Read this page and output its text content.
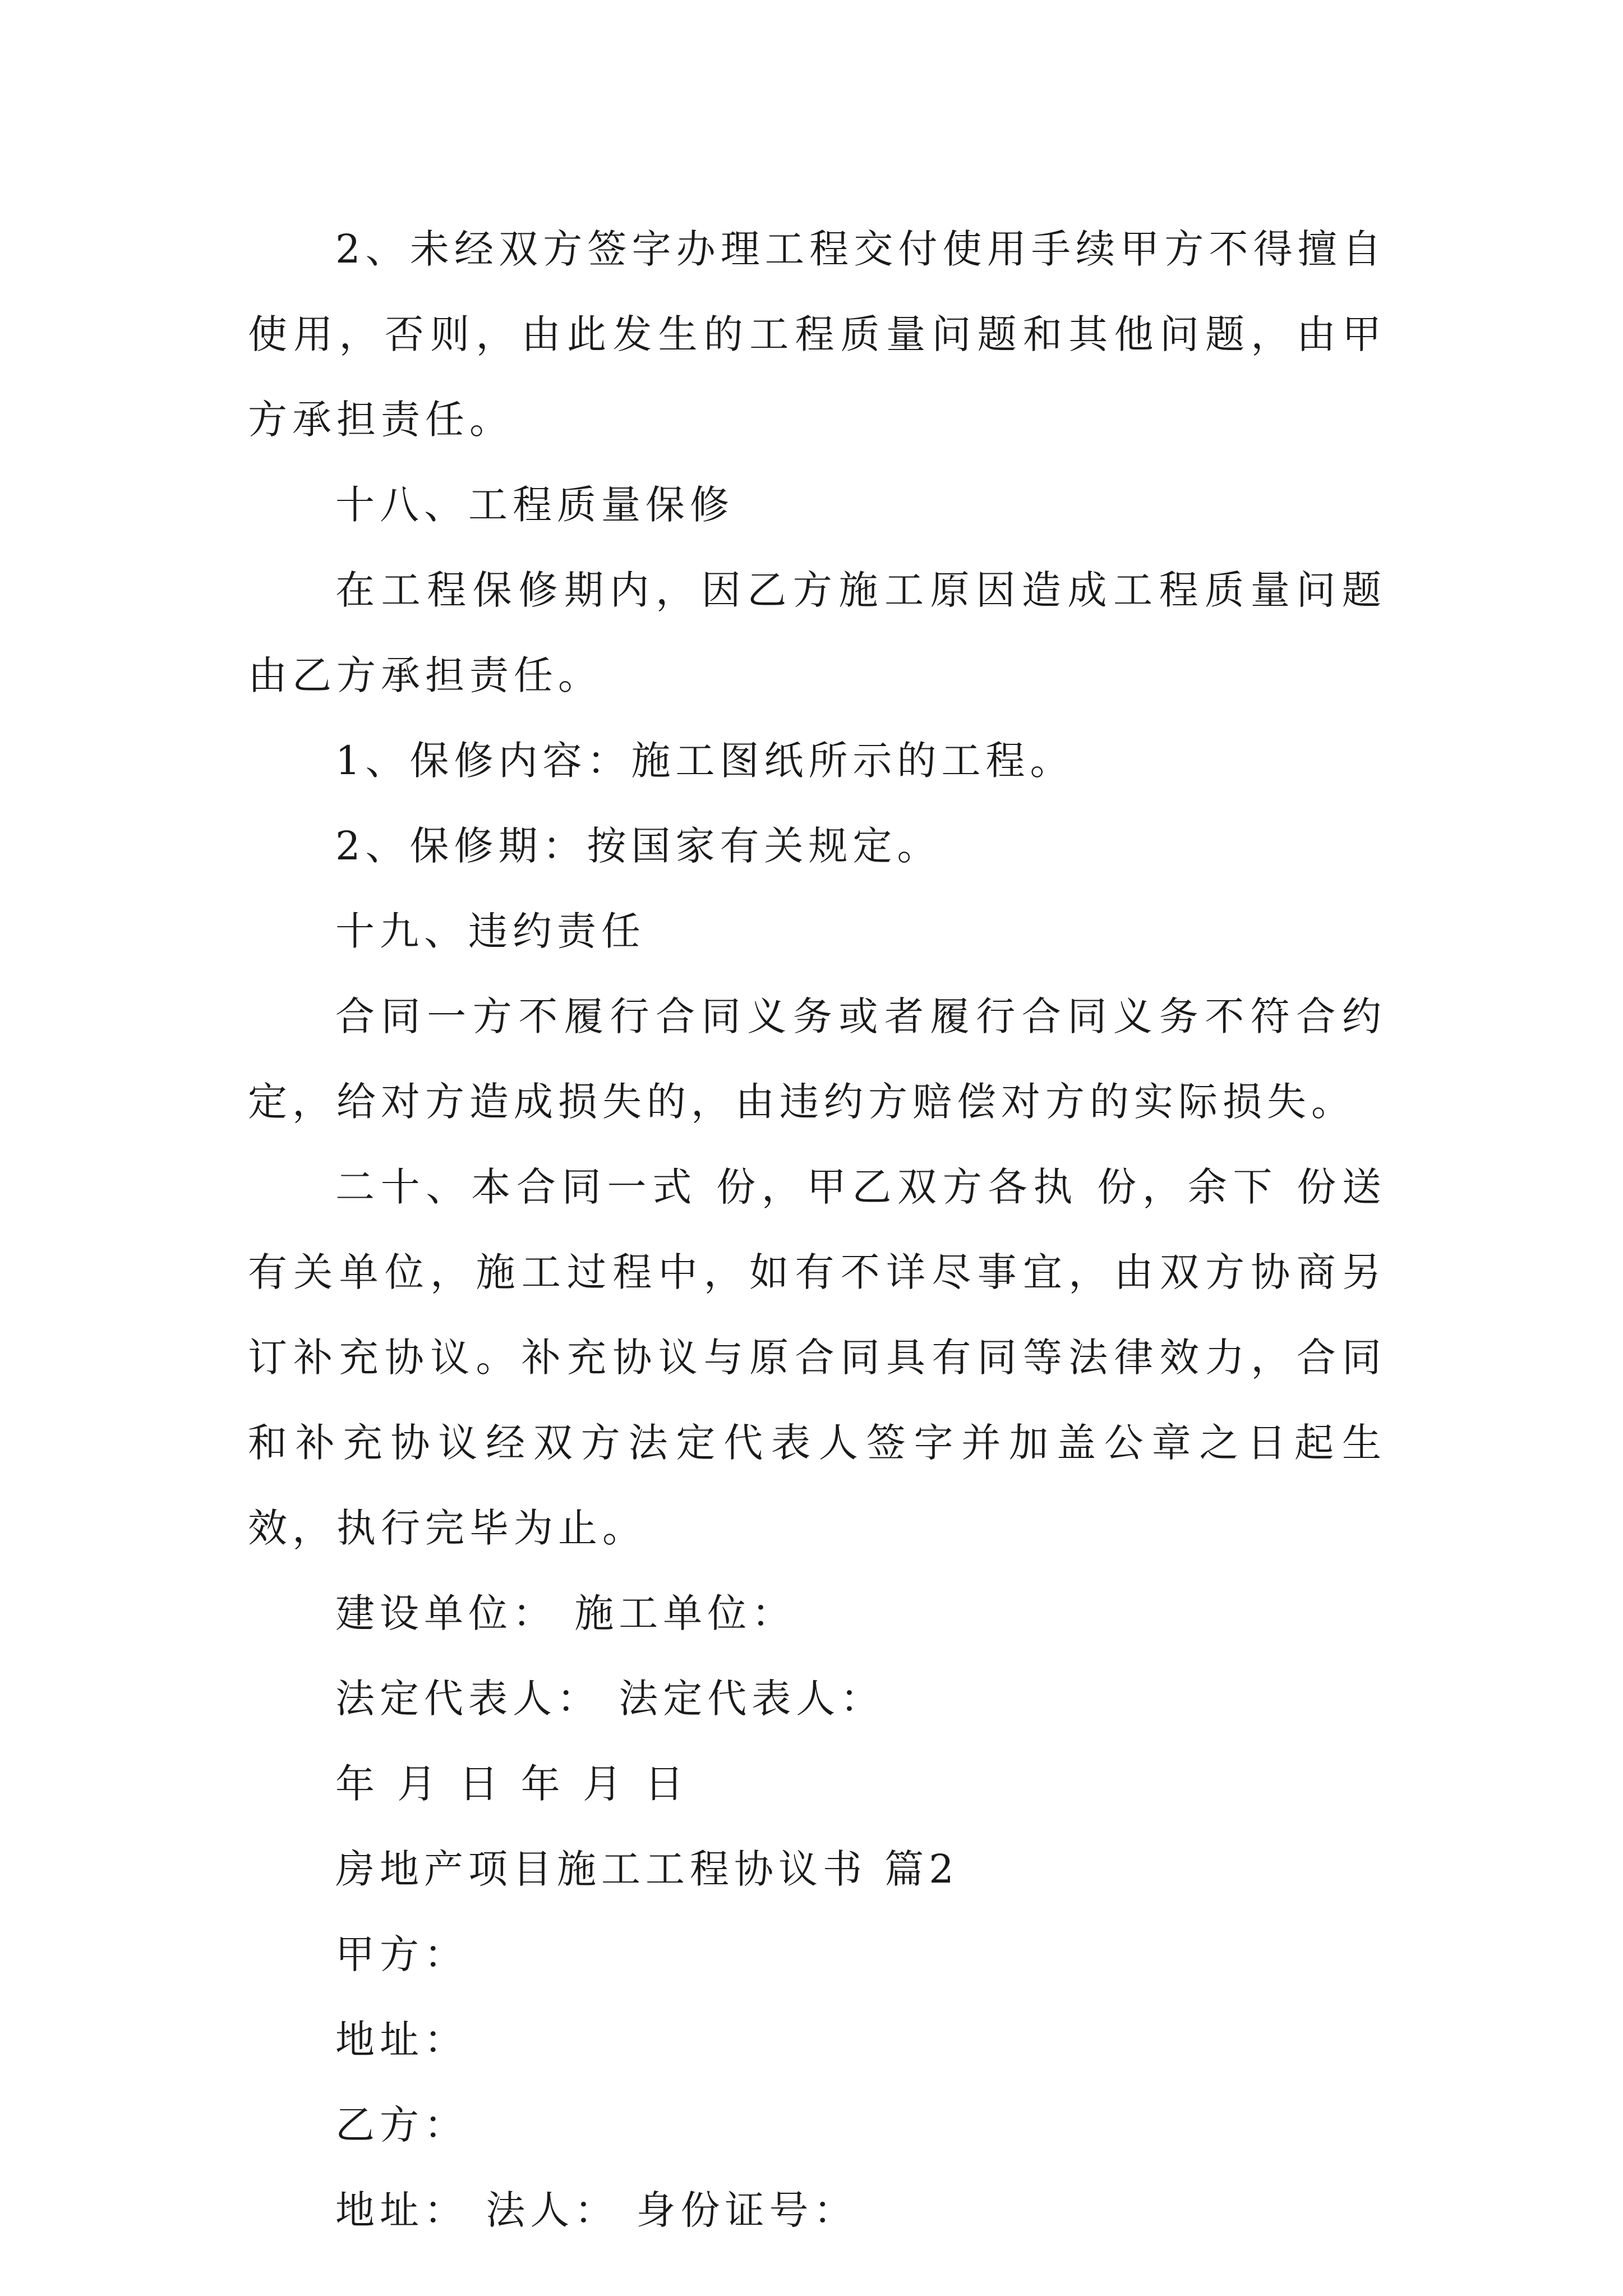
2、未经双方签字办理工程交付使用手续甲方不得擅自使用，否则，由此发生的工程质量问题和其他问题，由甲方承担责任。

十八、工程质量保修

在工程保修期内，因乙方施工原因造成工程质量问题由乙方承担责任。

1、保修内容：施工图纸所示的工程。

2、保修期：按国家有关规定。

十九、违约责任

合同一方不履行合同义务或者履行合同义务不符合约定，给对方造成损失的，由违约方赔偿对方的实际损失。

二十、本合同一式 份，甲乙双方各执 份，余下 份送有关单位，施工过程中，如有不详尽事宜，由双方协商另订补充协议。补充协议与原合同具有同等法律效力，合同和补充协议经双方法定代表人签字并加盖公章之日起生效，执行完毕为止。

建设单位： 施工单位：

法定代表人： 法定代表人：

年 月 日 年 月 日

房地产项目施工工程协议书 篇2

甲方：

地址：

乙方：

地址： 法人： 身份证号：
